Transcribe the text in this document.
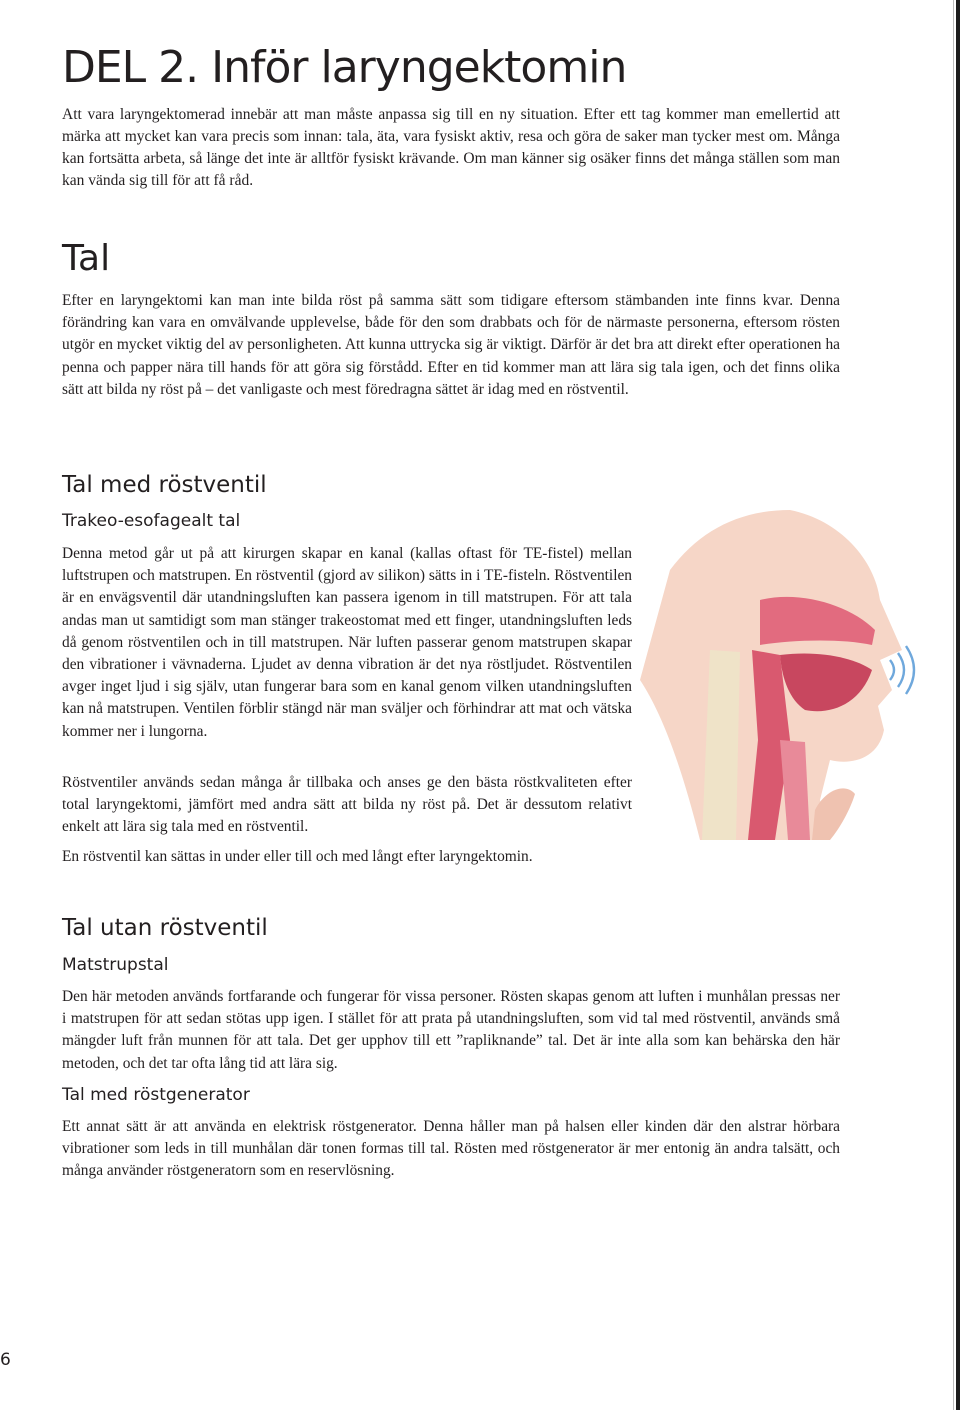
DEL 2. Inför laryngektomin

Att vara laryngektomerad innebär att man måste anpassa sig till en ny situation. Efter ett tag kommer man emellertid att märka att mycket kan vara precis som innan: tala, äta, vara fysiskt aktiv, resa och göra de saker man tycker mest om. Många kan fortsätta arbeta, så länge det inte är alltför fysiskt krävande. Om man känner sig osäker finns det många ställen som man kan vända sig till för att få råd.

Tal

Efter en laryngektomi kan man inte bilda röst på samma sätt som tidigare eftersom stämbanden inte finns kvar. Denna förändring kan vara en omvälvande upplevelse, både för den som drabbats och för de närmaste personerna, eftersom rösten utgör en mycket viktig del av personligheten. Att kunna uttrycka sig är viktigt. Därför är det bra att direkt efter operationen ha penna och papper nära till hands för att göra sig förstådd. Efter en tid kommer man att lära sig tala igen, och det finns olika sätt att bilda ny röst på – det vanligaste och mest föredragna sättet är idag med en röstventil.

Tal med röstventil
Trakeo-esofagealt tal

Denna metod går ut på att kirurgen skapar en kanal (kallas oftast för TE-fistel) mellan luftstrupen och matstrupen. En röstventil (gjord av silikon) sätts in i TE-fisteln. Röstventilen är en envägsventil där utandningsluften kan passera igenom in till matstrupen. För att tala andas man ut samtidigt som man stänger trakeostomat med ett finger, utandningsluften leds då genom röstventilen och in till matstrupen. När luften passerar genom matstrupen skapar den vibrationer i vävnaderna. Ljudet av denna vibration är det nya röstljudet. Röstventilen avger inget ljud i sig själv, utan fungerar bara som en kanal genom vilken utandningsluften kan nå matstrupen. Ventilen förblir stängd när man sväljer och förhindrar att mat och vätska kommer ner i lungorna.

Röstventiler används sedan många år tillbaka och anses ge den bästa röstkvaliteten efter total laryngektomi, jämfört med andra sätt att bilda ny röst på. Det är dessutom relativt enkelt att lära sig tala med en röstventil.

En röstventil kan sättas in under eller till och med långt efter laryngektomin.

Tal utan röstventil
Matstrupstal

Den här metoden används fortfarande och fungerar för vissa personer. Rösten skapas genom att luften i munhålan pressas ner i matstrupen för att sedan stötas upp igen. I stället för att prata på utandningsluften, som vid tal med röstventil, används små mängder luft från munnen för att tala. Det ger upphov till ett ”rapliknande” tal. Det är inte alla som kan behärska den här metoden, och det tar ofta lång tid att lära sig.

Tal med röstgenerator

Ett annat sätt är att använda en elektrisk röstgenerator. Denna håller man på halsen eller kinden där den alstrar hörbara vibrationer som leds in till munhålan där tonen formas till tal. Rösten med röstgenerator är mer entonig än andra talsätt, och många använder röstgeneratorn som en reservlösning.

6
